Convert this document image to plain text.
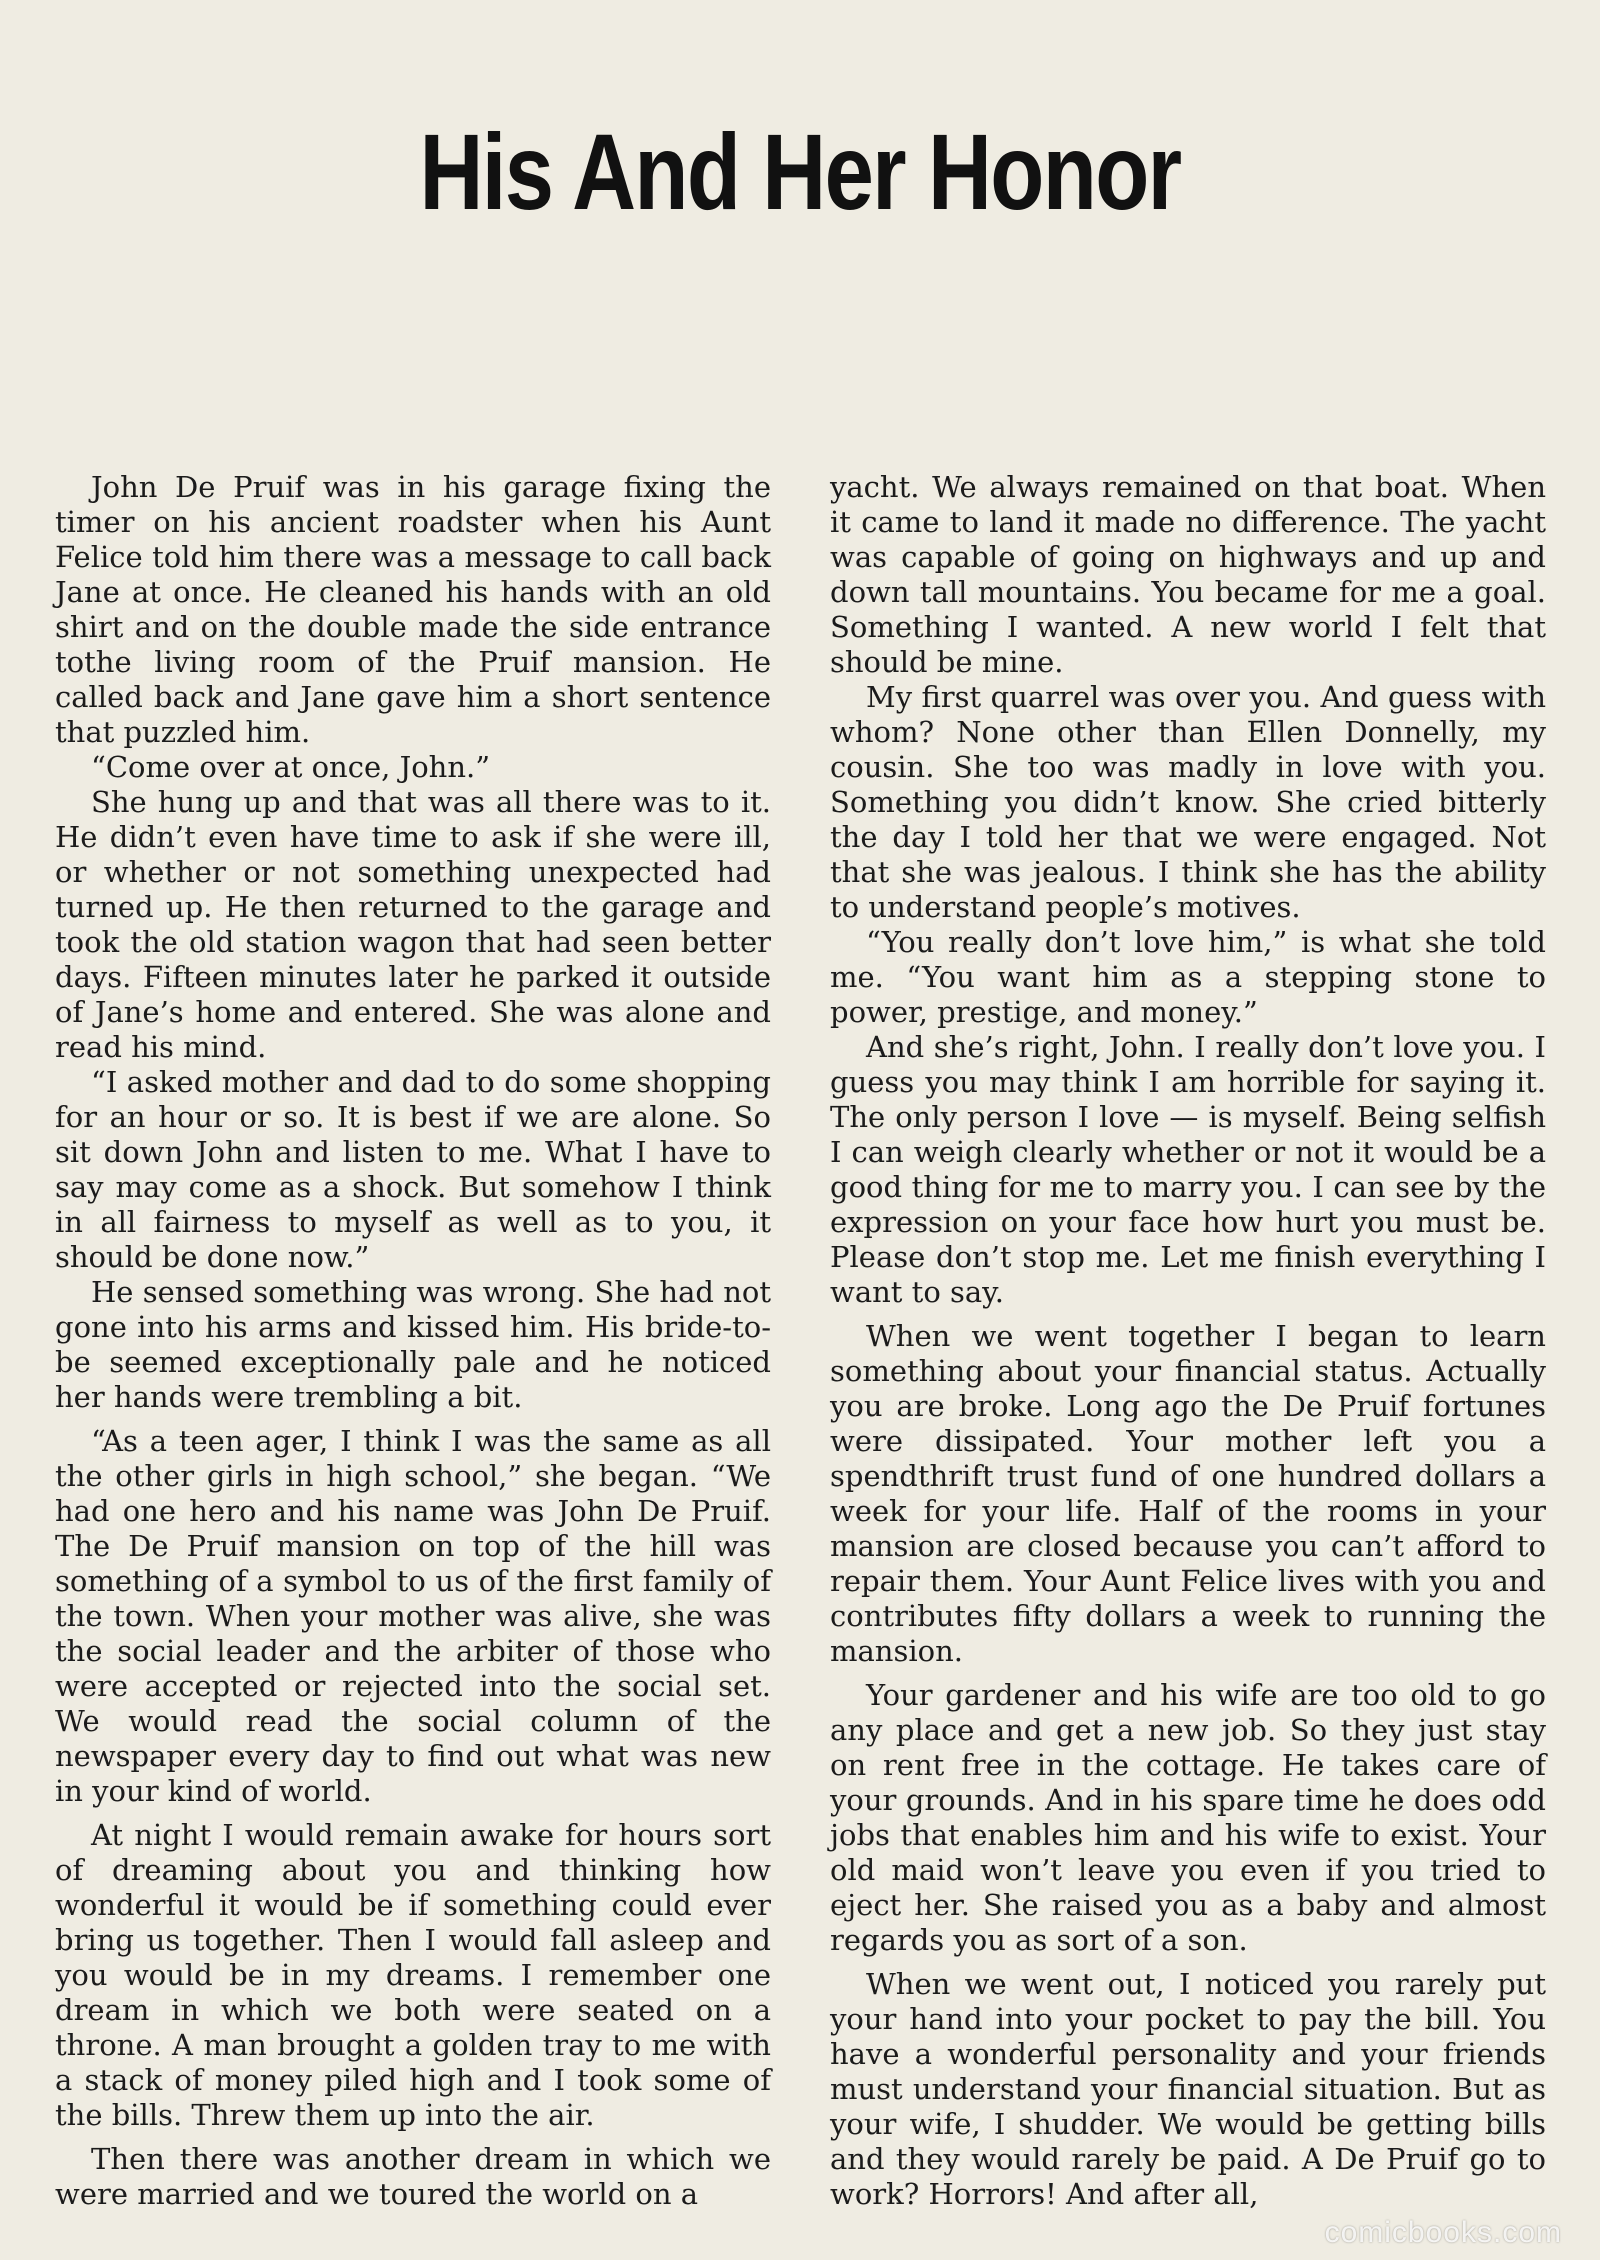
His And Her Honor

John De Pruif was in his garage fixing the timer on his ancient roadster when his Aunt Felice told him there was a message to call back Jane at once. He cleaned his hands with an old shirt and on the double made the side entrance tothe living room of the Pruif mansion. He called back and Jane gave him a short sentence that puzzled him.

“Come over at once, John.”

She hung up and that was all there was to it. He didn’t even have time to ask if she were ill, or whether or not something unexpected had turned up. He then returned to the garage and took the old station wagon that had seen better days. Fifteen minutes later he parked it outside of Jane’s home and entered. She was alone and read his mind.

“I asked mother and dad to do some shopping for an hour or so. It is best if we are alone. So sit down John and listen to me. What I have to say may come as a shock. But somehow I think in all fairness to myself as well as to you, it should be done now.”

He sensed something was wrong. She had not gone into his arms and kissed him. His bride-to-be seemed exceptionally pale and he noticed her hands were trembling a bit.

“As a teen ager, I think I was the same as all the other girls in high school,” she began. “We had one hero and his name was John De Pruif. The De Pruif mansion on top of the hill was something of a symbol to us of the first family of the town. When your mother was alive, she was the social leader and the arbiter of those who were accepted or rejected into the social set. We would read the social column of the newspaper every day to find out what was new in your kind of world.

At night I would remain awake for hours sort of dreaming about you and thinking how wonderful it would be if something could ever bring us together. Then I would fall asleep and you would be in my dreams. I remember one dream in which we both were seated on a throne. A man brought a golden tray to me with a stack of money piled high and I took some of the bills. Threw them up into the air.

Then there was another dream in which we were married and we toured the world on a

yacht. We always remained on that boat. When it came to land it made no difference. The yacht was capable of going on highways and up and down tall mountains. You became for me a goal. Something I wanted. A new world I felt that should be mine.

My first quarrel was over you. And guess with whom? None other than Ellen Donnelly, my cousin. She too was madly in love with you. Something you didn’t know. She cried bitterly the day I told her that we were engaged. Not that she was jealous. I think she has the ability to understand people’s motives.

“You really don’t love him,” is what she told me. “You want him as a stepping stone to power, prestige, and money.”

And she’s right, John. I really don’t love you. I guess you may think I am horrible for saying it. The only person I love — is myself. Being selfish I can weigh clearly whether or not it would be a good thing for me to marry you. I can see by the expression on your face how hurt you must be. Please don’t stop me. Let me finish everything I want to say.

When we went together I began to learn something about your financial status. Actually you are broke. Long ago the De Pruif fortunes were dissipated. Your mother left you a spendthrift trust fund of one hundred dollars a week for your life. Half of the rooms in your mansion are closed because you can’t afford to repair them. Your Aunt Felice lives with you and contributes fifty dollars a week to running the mansion.

Your gardener and his wife are too old to go any place and get a new job. So they just stay on rent free in the cottage. He takes care of your grounds. And in his spare time he does odd jobs that enables him and his wife to exist. Your old maid won’t leave you even if you tried to eject her. She raised you as a baby and almost regards you as sort of a son.

When we went out, I noticed you rarely put your hand into your pocket to pay the bill. You have a wonderful personality and your friends must understand your financial situation. But as your wife, I shudder. We would be getting bills and they would rarely be paid. A De Pruif go to work? Horrors! And after all,

comicbooks.com
